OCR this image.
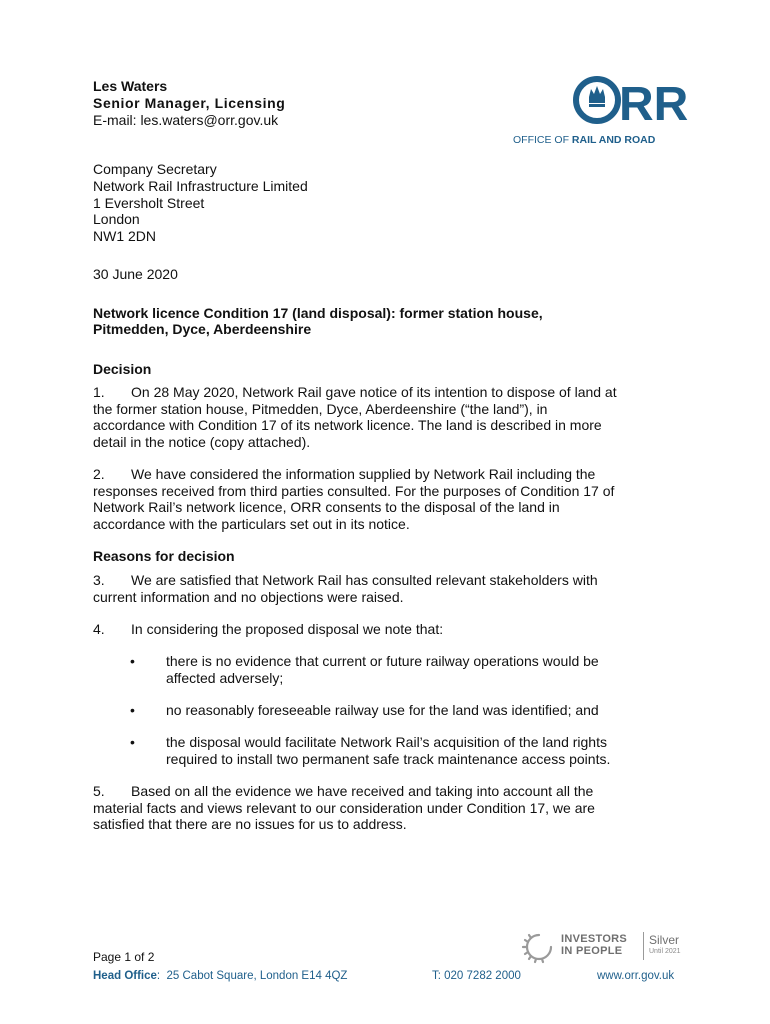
Les Waters
Senior Manager, Licensing
E-mail: les.waters@orr.gov.uk	RR
OFFICE OF RAIL AND ROAD
Company Secretary
Network Rail Infrastructure Limited
1 Eversholt Street
London
NW1 2DN
30 June 2020
Network licence Condition 17 (land disposal): former station house,
Pitmedden, Dyce, Aberdeenshire
Decision
1. On 28 May 2020, Network Rail gave notice of its intention to dispose of land at
the former station house, Pitmedden, Dyce, Aberdeenshire (“the land”), in
accordance with Condition 17 of its network licence. The land is described in more
detail in the notice (copy attached).
2. We have considered the information supplied by Network Rail including the
responses received from third parties consulted. For the purposes of Condition 17 of
Network Rail’s network licence, ORR consents to the disposal of the land in
accordance with the particulars set out in its notice.
Reasons for decision
3. We are satisfied that Network Rail has consulted relevant stakeholders with
current information and no objections were raised.
4. In considering the proposed disposal we note that:
• there is no evidence that current or future railway operations would be
affected adversely;
• no reasonably foreseeable railway use for the land was identified; and
• the disposal would facilitate Network Rail’s acquisition of the land rights
required to install two permanent safe track maintenance access points.
5. Based on all the evidence we have received and taking into account all the
material facts and views relevant to our consideration under Condition 17, we are
satisfied that there are no issues for us to address.
INVESTORS
IN PEOPLE
Silver
Until 2021
Page 1 of 2
Head Office:  25 Cabot Square, London E14 4QZ	T: 020 7282 2000	www.orr.gov.uk
